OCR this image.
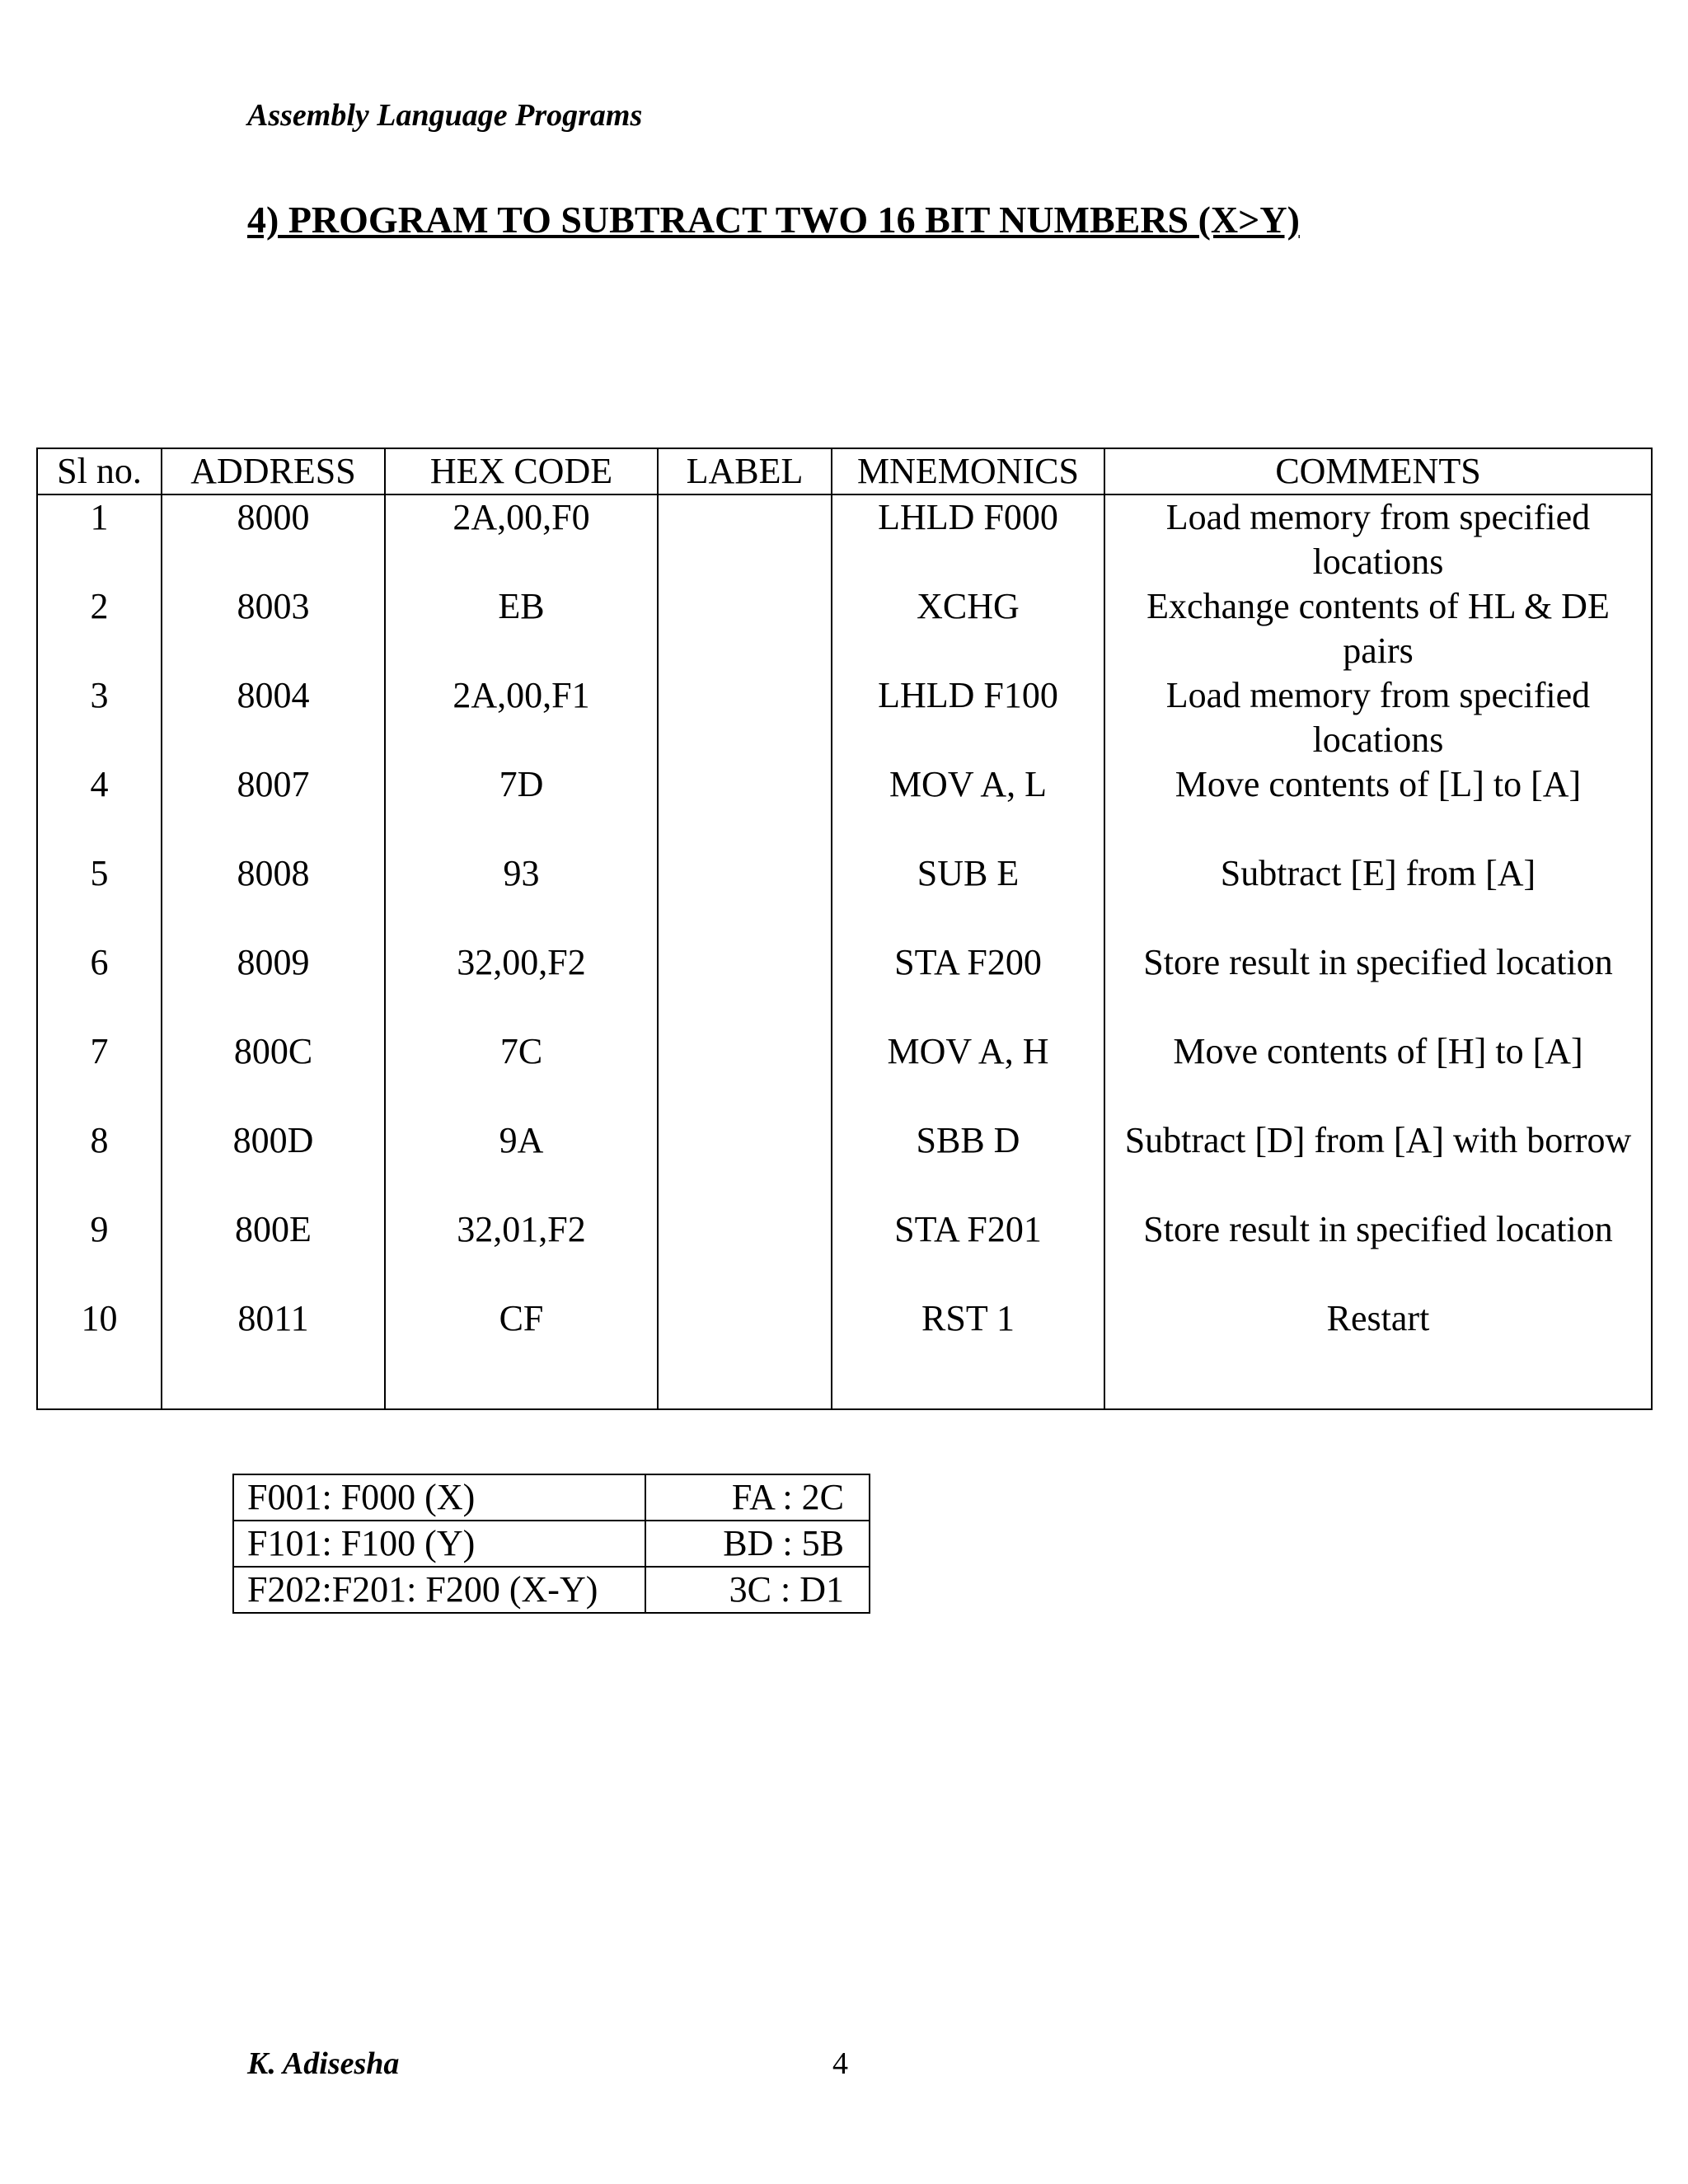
Assembly Language Programs
4) PROGRAM TO SUBTRACT TWO 16 BIT NUMBERS (X>Y)
Sl no.	ADDRESS	HEX CODE	LABEL	MNEMONICS	COMMENTS
1	8000	2A,00,F0		LHLD F000	Load memory from specified locations
2	8003	EB		XCHG	Exchange contents of HL & DE pairs
3	8004	2A,00,F1		LHLD F100	Load memory from specified locations
4	8007	7D		MOV A, L	Move contents of [L] to [A]
5	8008	93		SUB E	Subtract [E] from [A]
6	8009	32,00,F2		STA F200	Store result in specified location
7	800C	7C		MOV A, H	Move contents of [H] to [A]
8	800D	9A		SBB D	Subtract [D] from [A] with borrow
9	800E	32,01,F2		STA F201	Store result in specified location
10	8011	CF		RST 1	Restart
F001: F000 (X)	FA : 2C
F101: F100 (Y)	BD : 5B
F202:F201: F200 (X-Y)	3C : D1
K. Adisesha	4
